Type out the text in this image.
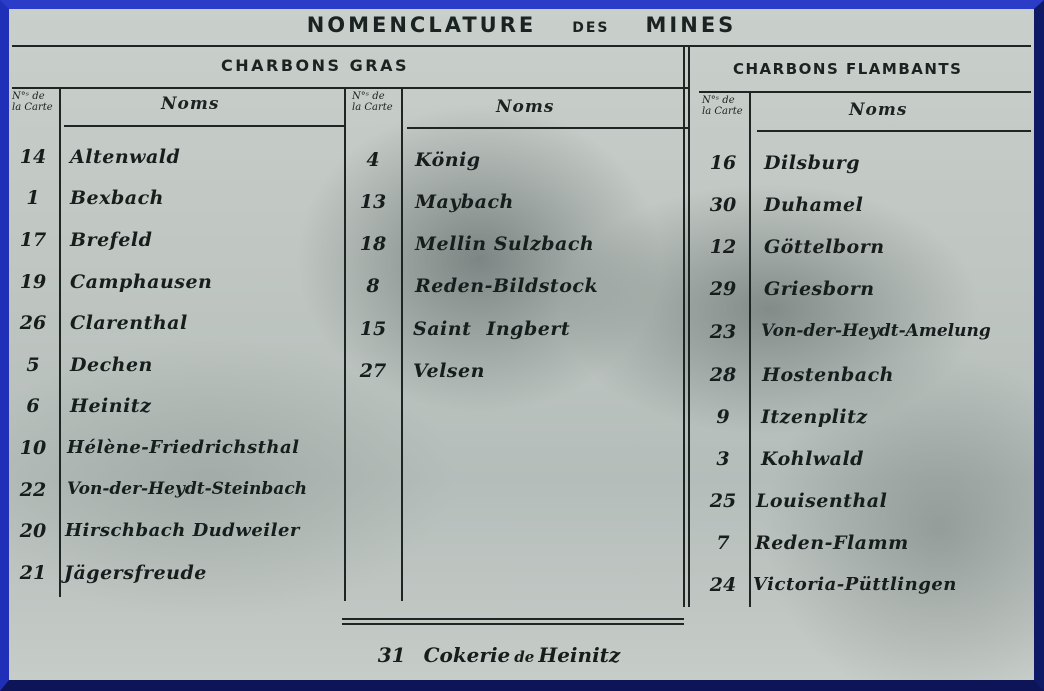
NOMENCLATURE	DES MINES
CHARBONS GRAS	CHARBONS FLAMBANTS
N°ˢ de
la Carte	Noms	N°ˢ de
la Carte	Noms	N°ˢ de
la Carte	Noms
14	Altenwald
1	Bexbach
17	Brefeld
19	Camphausen
26	Clarenthal
5	Dechen
6	Heinitz
10	Hélène-Friedrichsthal
22	Von-der-Heydt-Steinbach
20	Hirschbach Dudweiler
21 Jägersfreude
4	König
13	Maybach
18	Mellin Sulzbach
8	Reden-Bildstock
15	Saint Ingbert
27	Velsen
16	Dilsburg
30	Duhamel
12	Göttelborn
29	Griesborn
23	Von-der-Heydt-Amelung
28	Hostenbach
9	Itzenplitz
3	Kohlwald
25	Louisenthal
7	Reden-Flamm
24 Victoria-Püttlingen
31 Cokerie de Heinitz
